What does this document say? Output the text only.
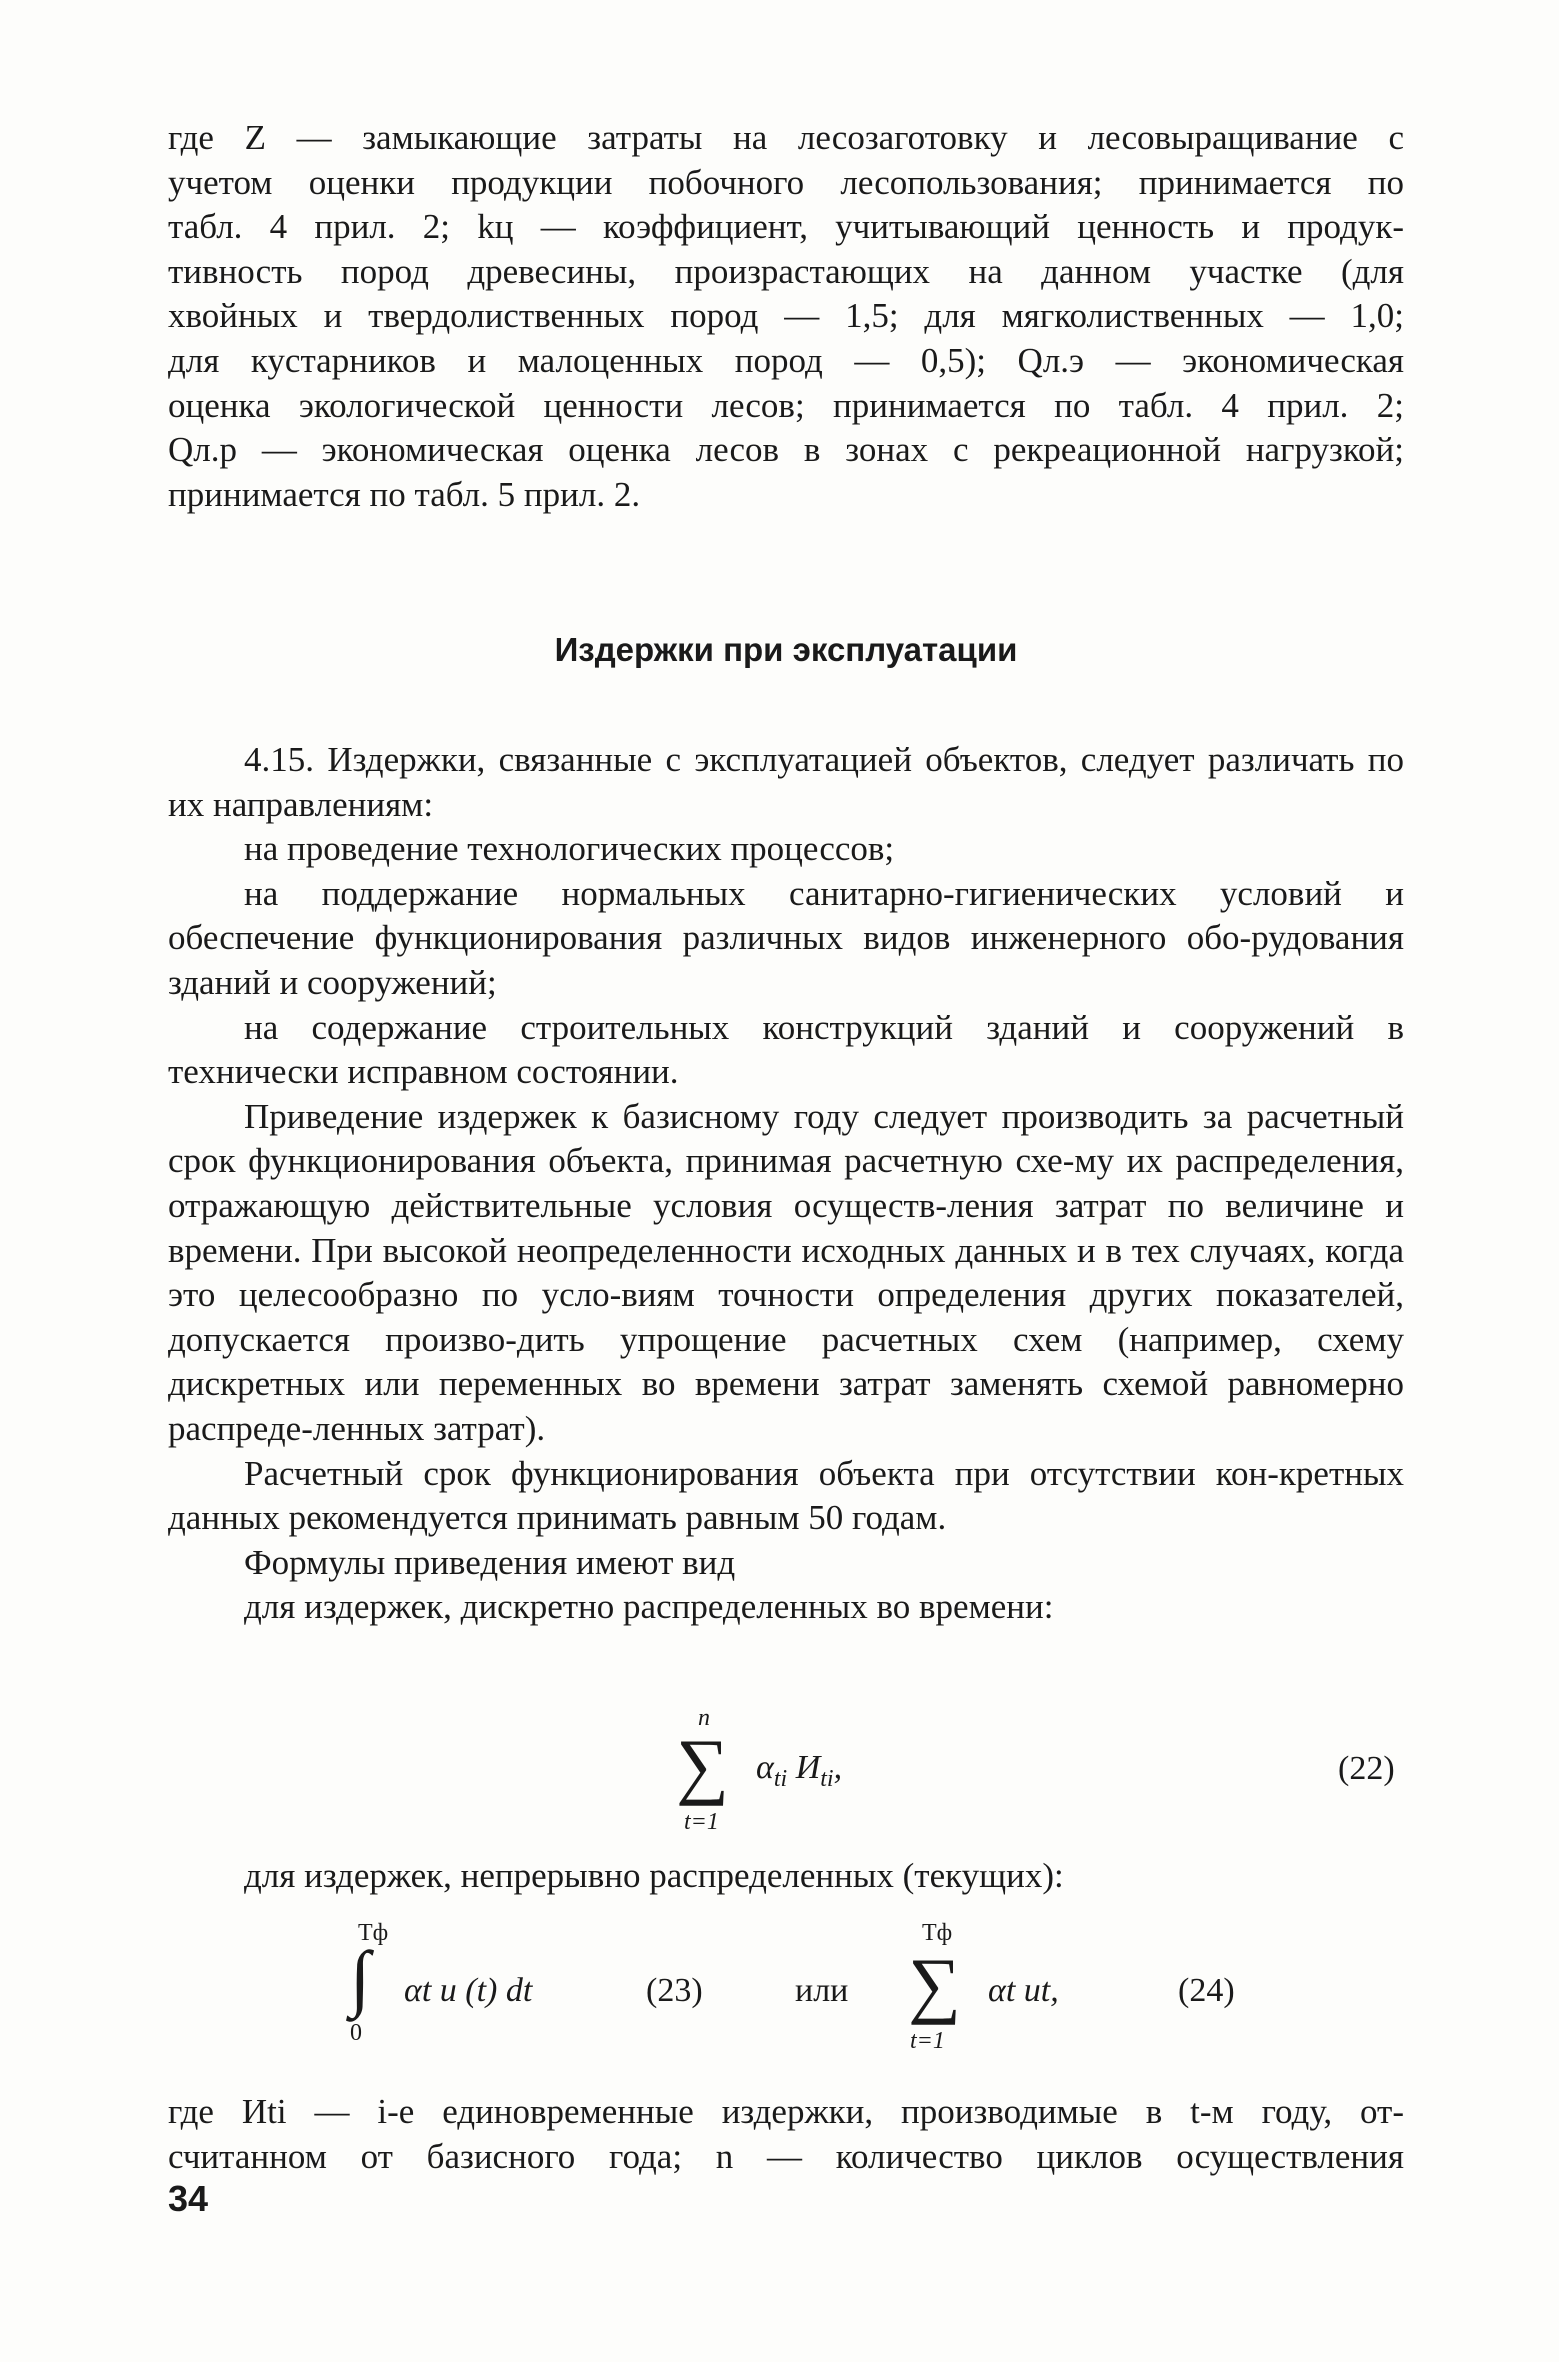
где Z — замыкающие затраты на лесозаготовку и лесовыращивание с

учетом оценки продукции побочного лесопользования; принимается по

табл. 4 прил. 2; kц — коэффициент, учитывающий ценность и продук-

тивность пород древесины, произрастающих на данном участке (для

хвойных и твердолиственных пород — 1,5; для мягколиственных — 1,0;

для кустарников и малоценных пород — 0,5); Qл.э — экономическая

оценка экологической ценности лесов; принимается по табл. 4 прил. 2;

Qл.р — экономическая оценка лесов в зонах с рекреационной нагрузкой;

принимается по табл. 5 прил. 2.

Издержки при эксплуатации

4.15. Издержки, связанные с эксплуатацией объектов, следует различать по их направлениям:

на проведение технологических процессов;

на поддержание нормальных санитарно-гигиенических условий и обеспечение функционирования различных видов инженерного обо-рудования зданий и сооружений;

на содержание строительных конструкций зданий и сооружений в технически исправном состоянии.

Приведение издержек к базисному году следует производить за расчетный срок функционирования объекта, принимая расчетную схе-му их распределения, отражающую действительные условия осуществ-ления затрат по величине и времени. При высокой неопределенности исходных данных и в тех случаях, когда это целесообразно по усло-виям точности определения других показателей, допускается произво-дить упрощение расчетных схем (например, схему дискретных или переменных во времени затрат заменять схемой равномерно распреде-ленных затрат).

Расчетный срок функционирования объекта при отсутствии кон-кретных данных рекомендуется принимать равным 50 годам.

Формулы приведения имеют вид

для издержек, дискретно распределенных во времени:

n
∑
t=1
$\alpha_{ti}$ $И_{ti}$,	(22)

для издержек, непрерывно распределенных (текущих):

Tф
∫
0
αt u (t) dt	(23)	или
Tф
∑
t=1
αt ut,	(24)

где Иti — i-е единовременные издержки, производимые в t-м году, от-

считанном от базисного года; n — количество циклов осуществления

34
